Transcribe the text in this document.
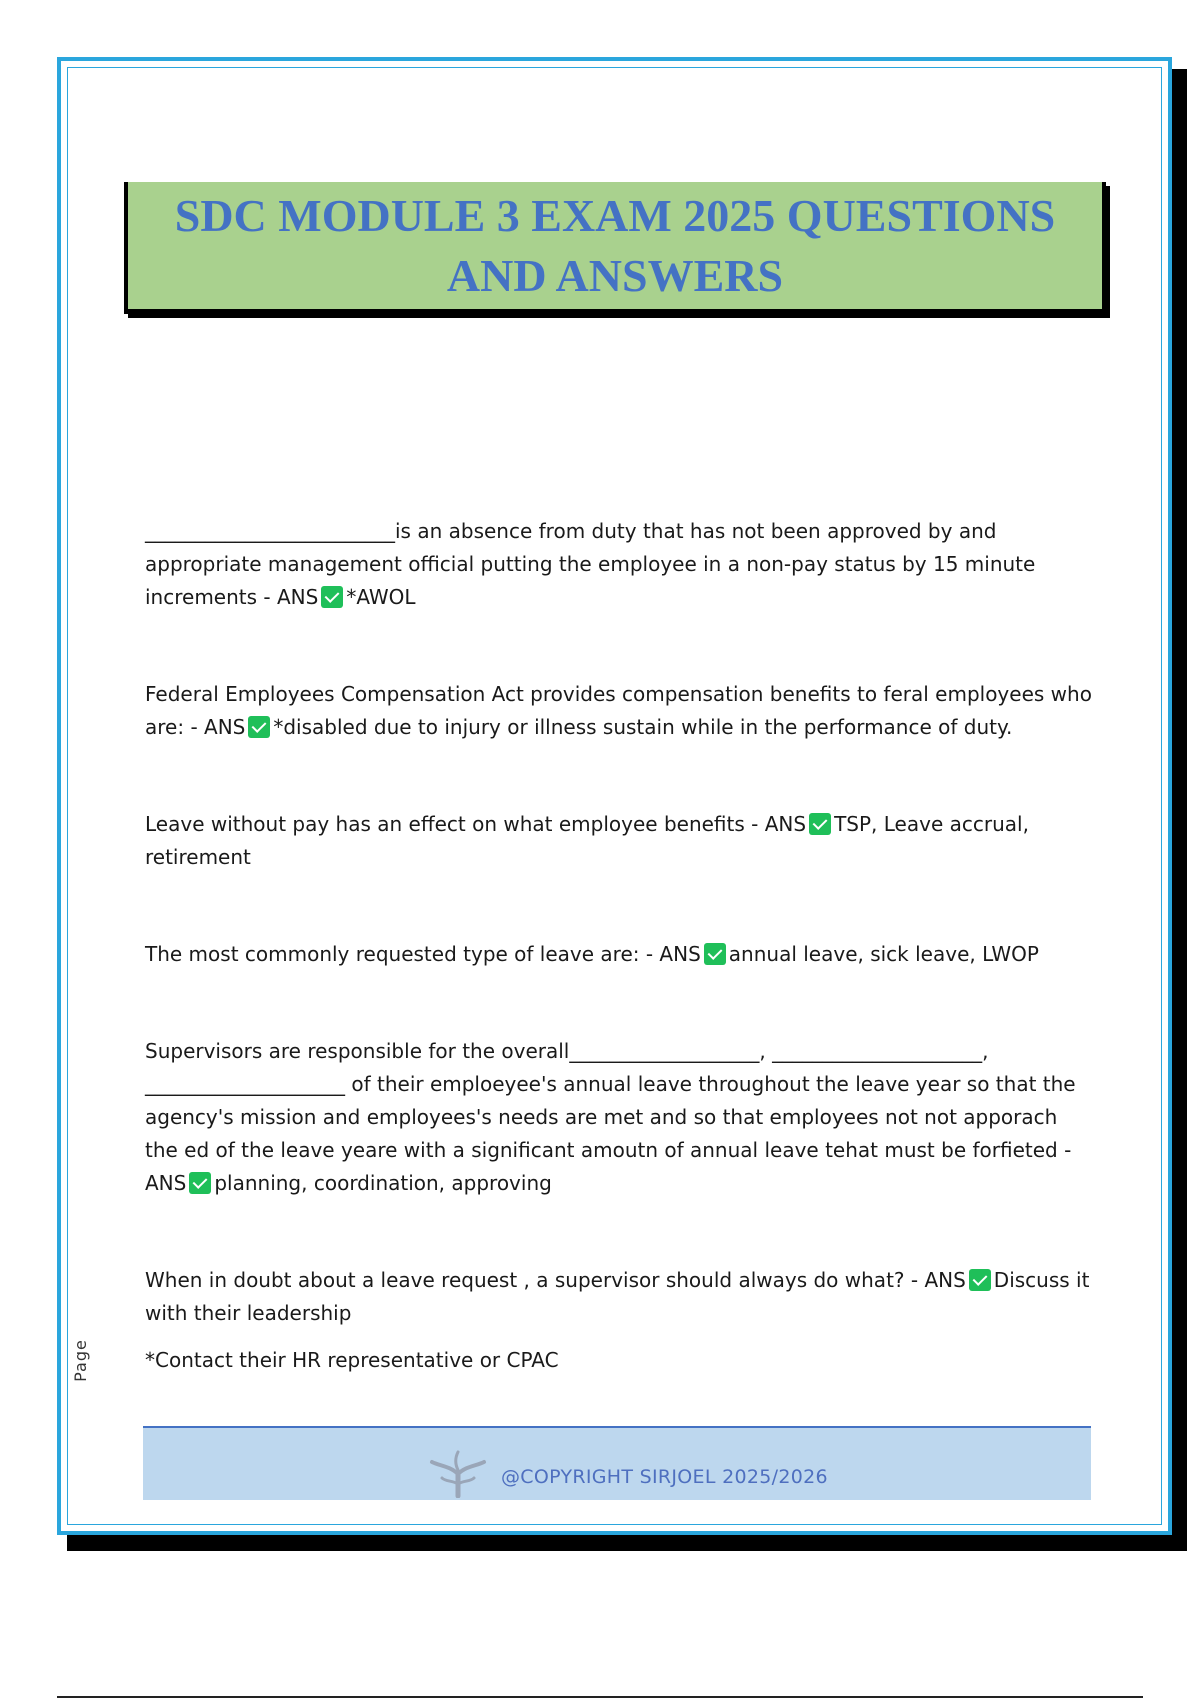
SDC MODULE 3 EXAM 2025 QUESTIONS
AND ANSWERS

_________________________is an absence from duty that has not been approved by and appropriate management official putting the employee in a non-pay status by 15 minute increments - ANS *AWOL

Federal Employees Compensation Act provides compensation benefits to feral employees who are: - ANS *disabled due to injury or illness sustain while in the performance of duty.

Leave without pay has an effect on what employee benefits - ANS TSP, Leave accrual, retirement

The most commonly requested type of leave are: - ANS annual leave, sick leave, LWOP

Supervisors are responsible for the overall___________________, _____________________, ____________________ of their emploeyee's annual leave throughout the leave year so that the agency's mission and employees's needs are met and so that employees not not apporach the ed of the leave yeare with a significant amoutn of annual leave tehat must be forfieted - ANS planning, coordination, approving

When in doubt about a leave request , a supervisor should always do what? - ANS Discuss it with their leadership

*Contact their HR representative or CPAC

Page
@COPYRIGHT SIRJOEL 2025/2026
